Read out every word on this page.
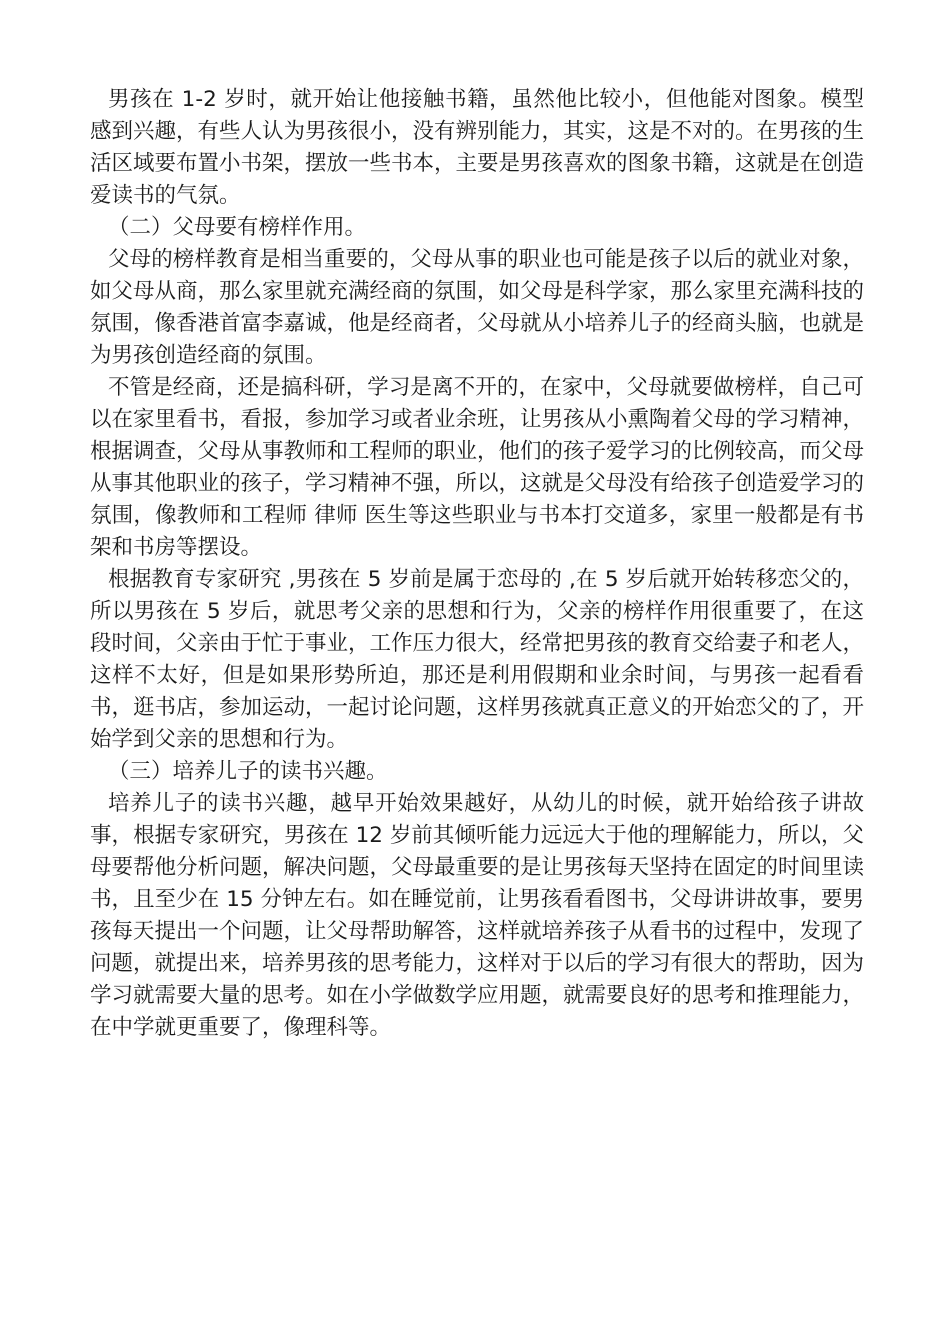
男孩在 1-2 岁时，就开始让他接触书籍，虽然他比较小，但他能对图象。模型感到兴趣，有些人认为男孩很小，没有辨别能力，其实，这是不对的。在男孩的生活区域要布置小书架，摆放一些书本，主要是男孩喜欢的图象书籍，这就是在创造爱读书的气氛。

（二）父母要有榜样作用。

父母的榜样教育是相当重要的，父母从事的职业也可能是孩子以后的就业对象，如父母从商，那么家里就充满经商的氛围，如父母是科学家，那么家里充满科技的氛围，像香港首富李嘉诚，他是经商者，父母就从小培养儿子的经商头脑，也就是为男孩创造经商的氛围。

不管是经商，还是搞科研，学习是离不开的，在家中，父母就要做榜样，自己可以在家里看书，看报，参加学习或者业余班，让男孩从小熏陶着父母的学习精神，根据调查，父母从事教师和工程师的职业，他们的孩子爱学习的比例较高，而父母从事其他职业的孩子，学习精神不强，所以，这就是父母没有给孩子创造爱学习的氛围，像教师和工程师 律师 医生等这些职业与书本打交道多，家里一般都是有书架和书房等摆设。

根据教育专家研究 ,男孩在 5 岁前是属于恋母的 ,在 5 岁后就开始转移恋父的，所以男孩在 5 岁后，就思考父亲的思想和行为，父亲的榜样作用很重要了，在这段时间，父亲由于忙于事业，工作压力很大，经常把男孩的教育交给妻子和老人，这样不太好，但是如果形势所迫，那还是利用假期和业余时间，与男孩一起看看书，逛书店，参加运动，一起讨论问题，这样男孩就真正意义的开始恋父的了，开始学到父亲的思想和行为。

（三）培养儿子的读书兴趣。

培养儿子的读书兴趣，越早开始效果越好，从幼儿的时候，就开始给孩子讲故事，根据专家研究，男孩在 12 岁前其倾听能力远远大于他的理解能力，所以，父母要帮他分析问题，解决问题，父母最重要的是让男孩每天坚持在固定的时间里读书，且至少在 15 分钟左右。如在睡觉前，让男孩看看图书，父母讲讲故事，要男孩每天提出一个问题，让父母帮助解答，这样就培养孩子从看书的过程中，发现了问题，就提出来，培养男孩的思考能力，这样对于以后的学习有很大的帮助，因为学习就需要大量的思考。如在小学做数学应用题，就需要良好的思考和推理能力，在中学就更重要了，像理科等。
